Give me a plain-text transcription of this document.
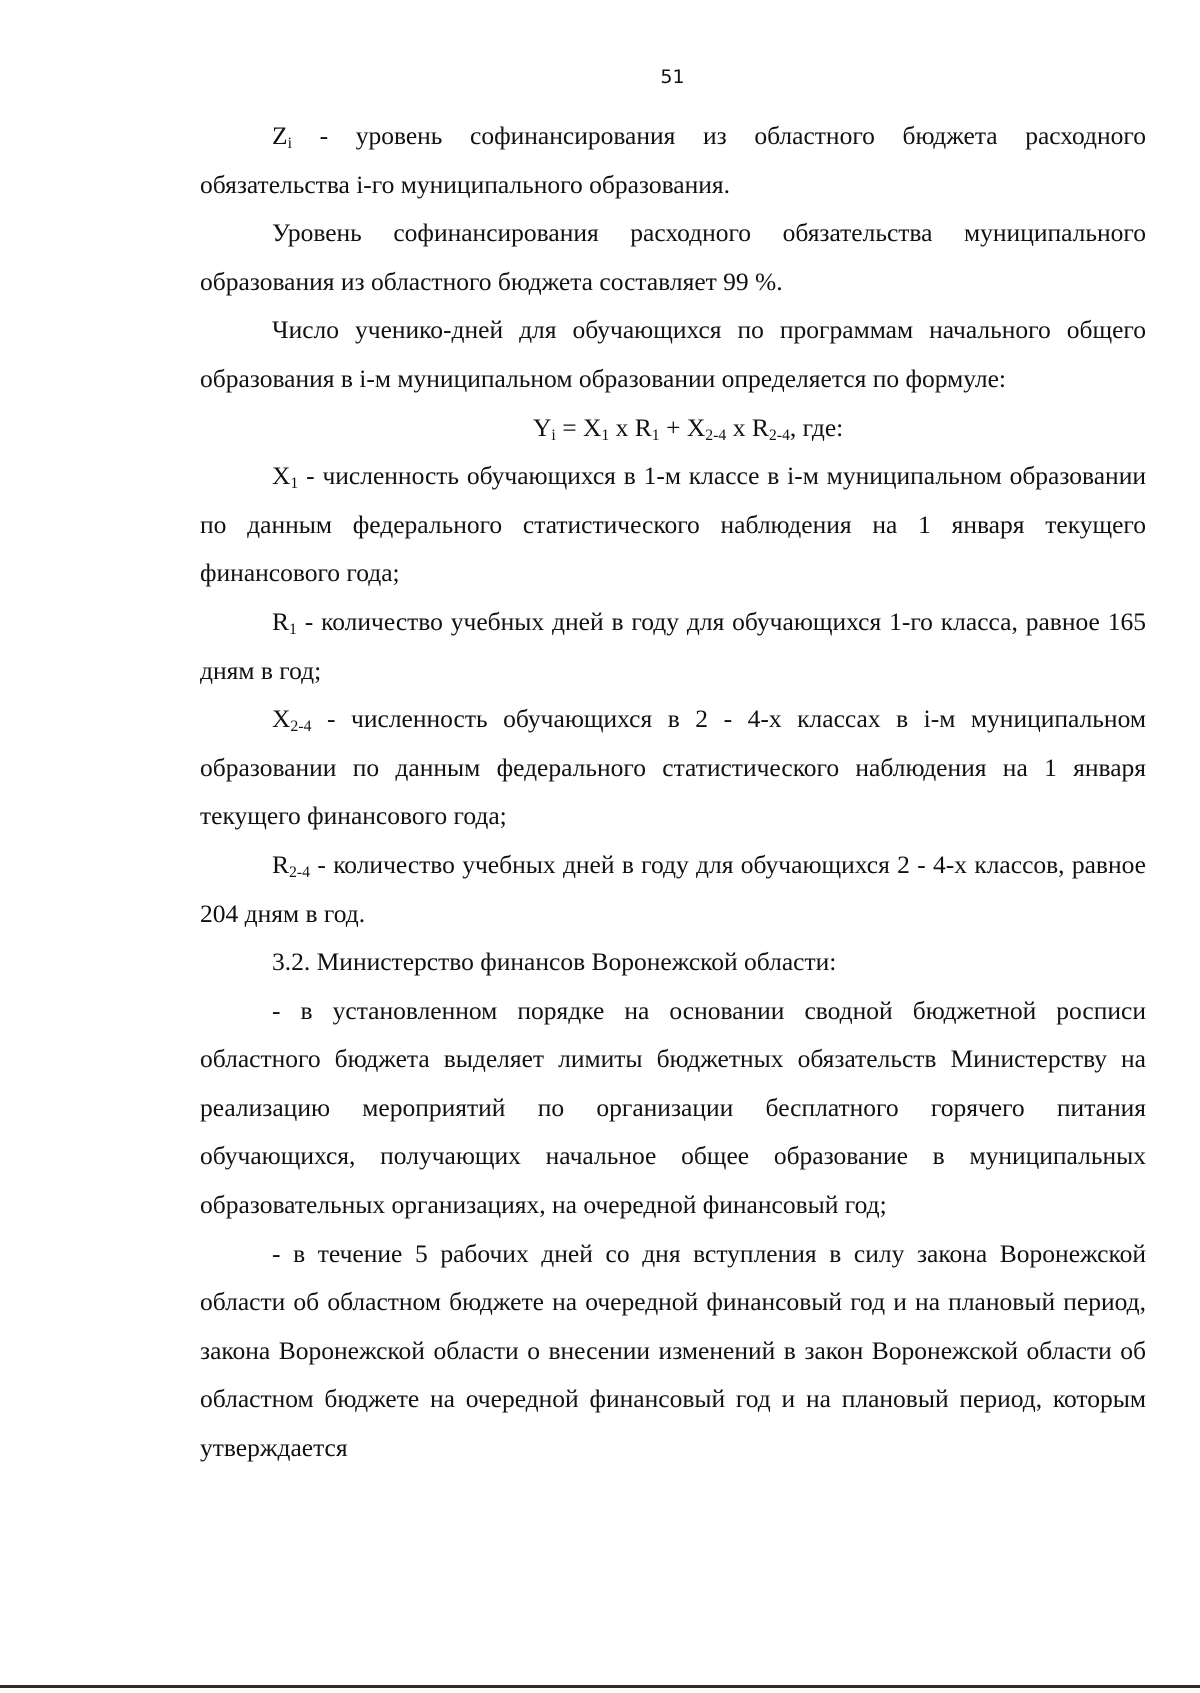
51

$Z_i$ - уровень софинансирования из областного бюджета расходного обязательства i-го муниципального образования.

Уровень софинансирования расходного обязательства муниципального образования из областного бюджета составляет 99 %.

Число ученико-дней для обучающихся по программам начального общего образования в i-м муниципальном образовании определяется по формуле:

$Y_i = X_1$ x $R_1 + X_{2-4}$ x $R_{2-4}$, где:

$X_1$ - численность обучающихся в 1-м классе в i-м муниципальном образовании по данным федерального статистического наблюдения на 1 января текущего финансового года;

$R_1$ - количество учебных дней в году для обучающихся 1-го класса, равное 165 дням в год;

$X_{2-4}$ - численность обучающихся в 2 - 4-х классах в i-м муниципальном образовании по данным федерального статистического наблюдения на 1 января текущего финансового года;

$R_{2-4}$ - количество учебных дней в году для обучающихся 2 - 4-х классов, равное 204 дням в год.

3.2. Министерство финансов Воронежской области:

- в установленном порядке на основании сводной бюджетной росписи областного бюджета выделяет лимиты бюджетных обязательств Министерству на реализацию мероприятий по организации бесплатного горячего питания обучающихся, получающих начальное общее образование в муниципальных образовательных организациях, на очередной финансовый год;

- в течение 5 рабочих дней со дня вступления в силу закона Воронежской области об областном бюджете на очередной финансовый год и на плановый период, закона Воронежской области о внесении изменений в закон Воронежской области об областном бюджете на очередной финансовый год и на плановый период, которым утверждается
